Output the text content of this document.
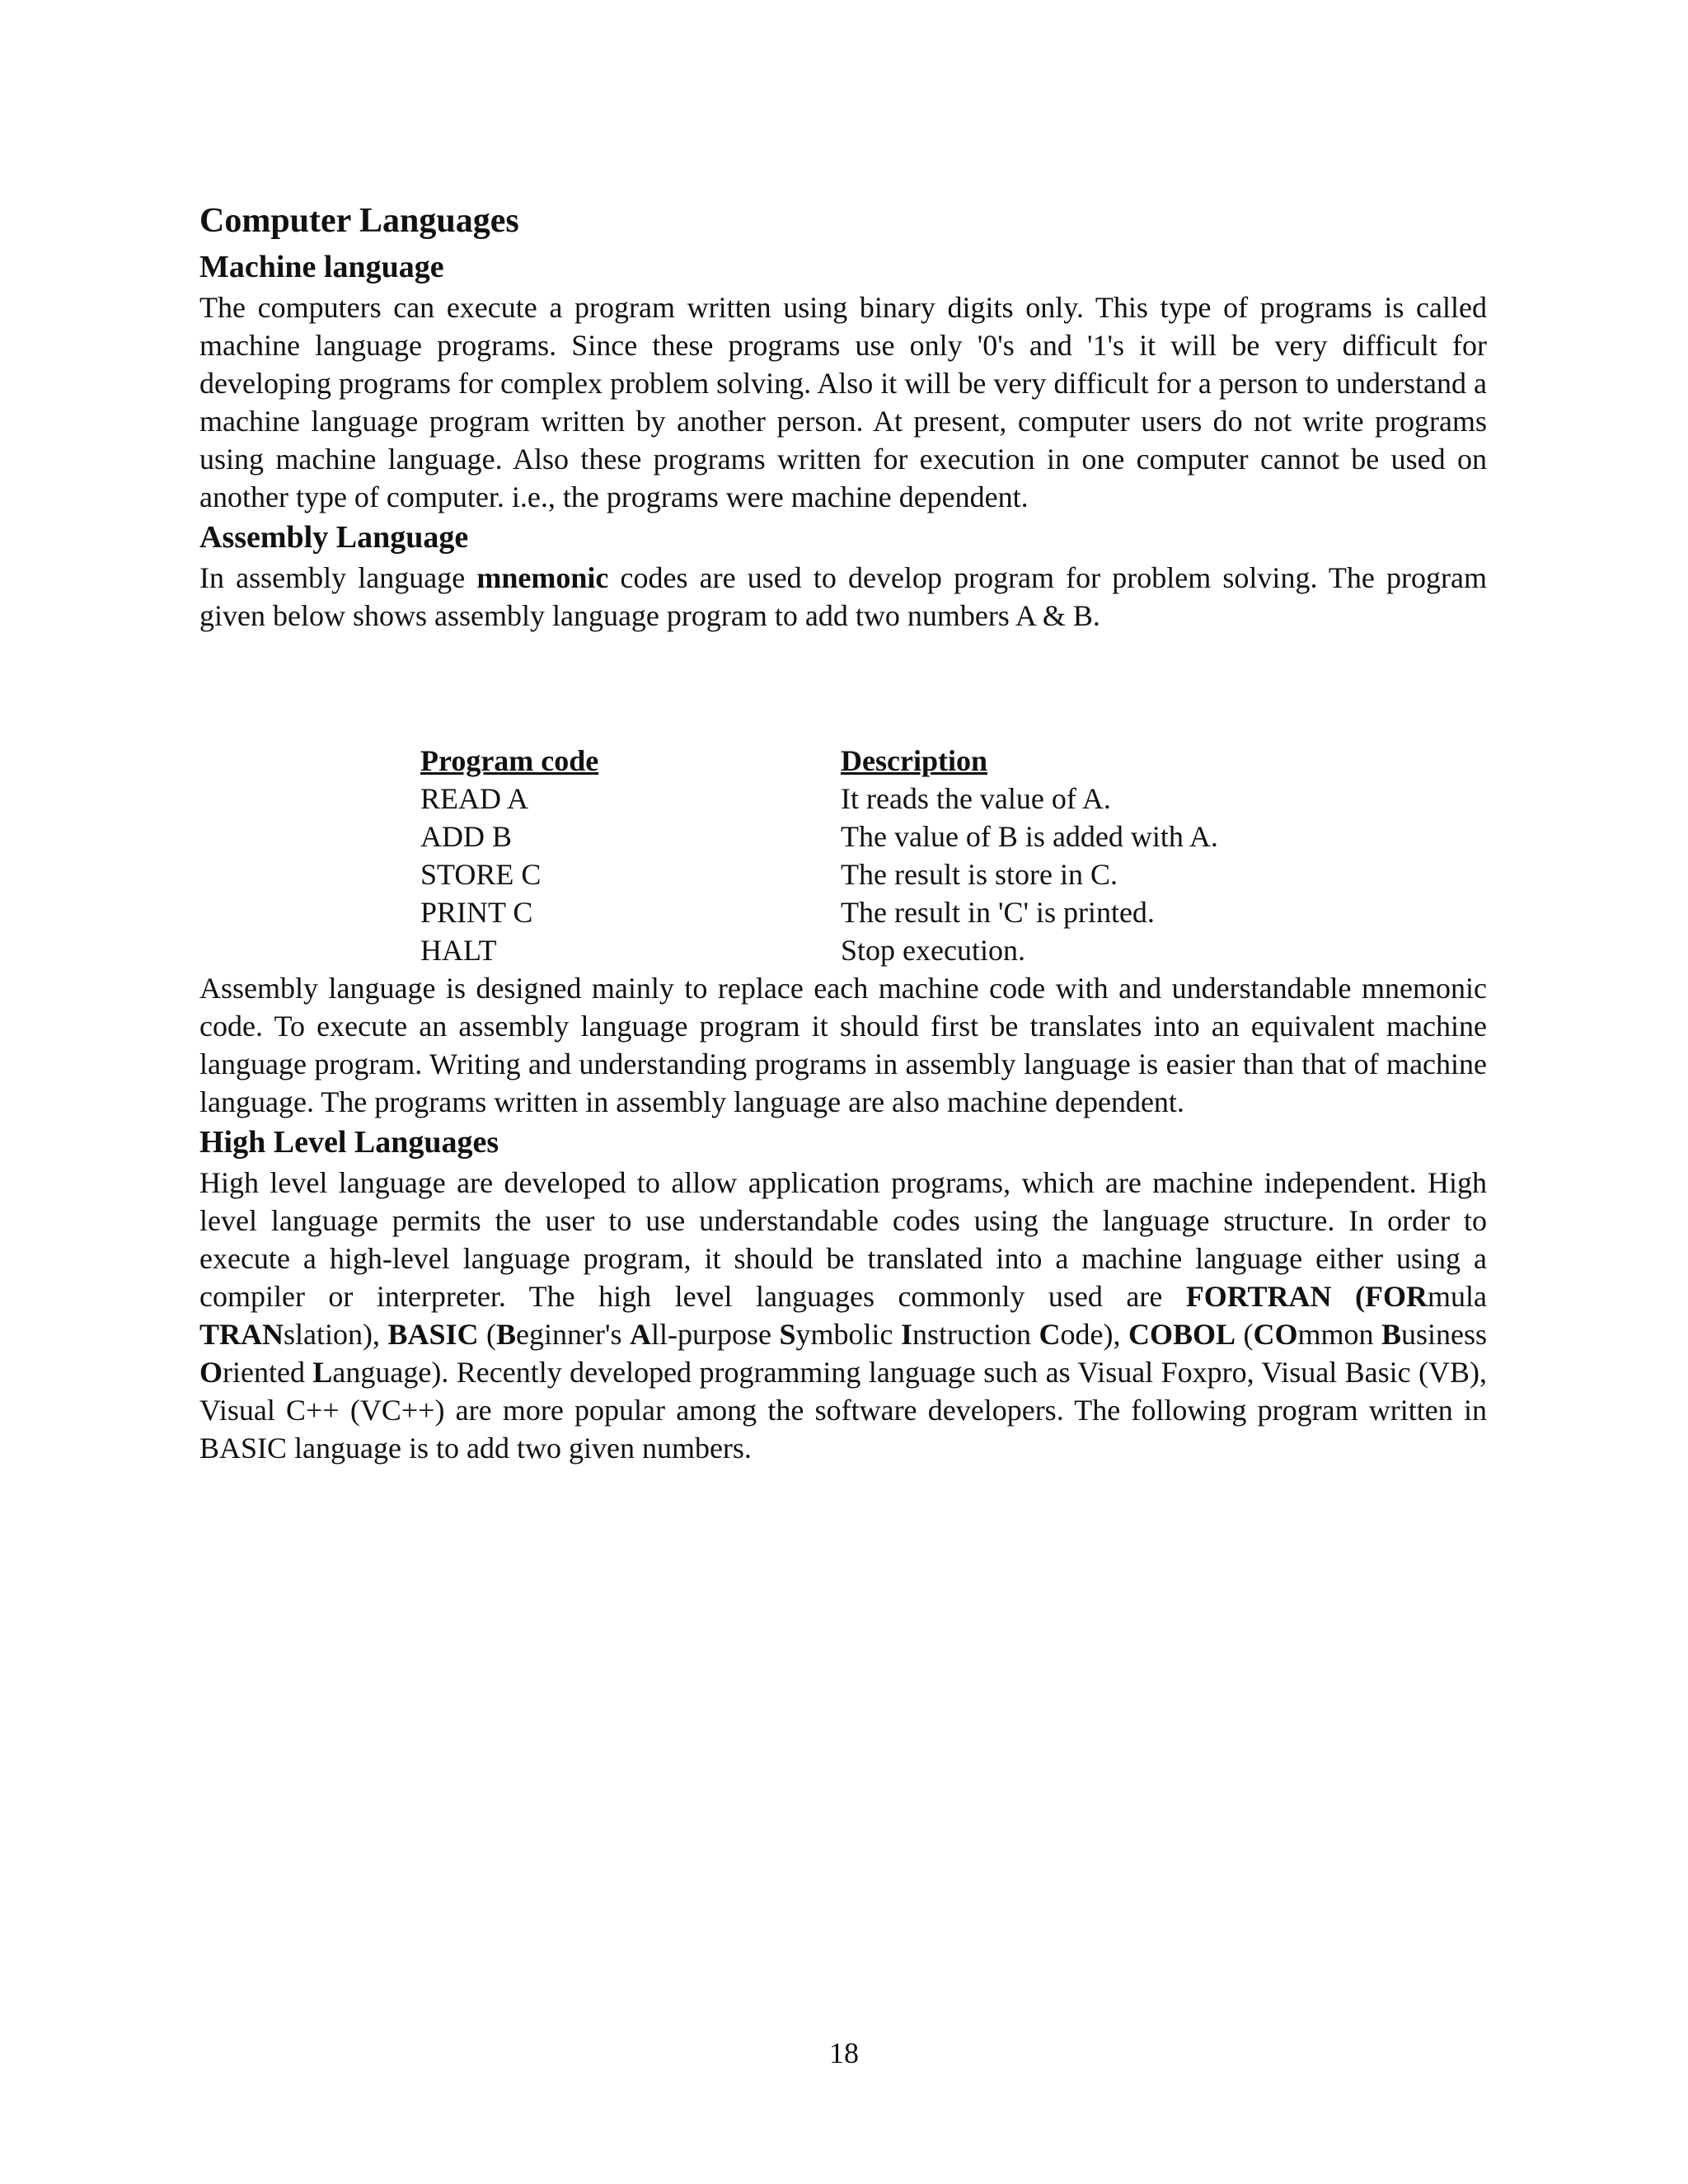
Computer Languages
Machine language

The computers can execute a program written using binary digits only. This type of programs is called machine language programs. Since these programs use only '0's and '1's it will be very difficult for developing programs for complex problem solving. Also it will be very difficult for a person to understand a machine language program written by another person. At present, computer users do not write programs using machine language. Also these programs written for execution in one computer cannot be used on another type of computer. i.e., the programs were machine dependent.

Assembly Language

In assembly language mnemonic codes are used to develop program for problem solving. The program given below shows assembly language program to add two numbers A & B.

Program code	Description
READ A	It reads the value of A.
ADD B	The value of B is added with A.
STORE C	The result is store in C.
PRINT C	The result in 'C' is printed.
HALT	Stop execution.

Assembly language is designed mainly to replace each machine code with and understandable mnemonic code. To execute an assembly language program it should first be translates into an equivalent machine language program. Writing and understanding programs in assembly language is easier than that of machine language. The programs written in assembly language are also machine dependent.

High Level Languages

High level language are developed to allow application programs, which are machine independent. High level language permits the user to use understandable codes using the language structure. In order to execute a high-level language program, it should be translated into a machine language either using a compiler or interpreter. The high level languages commonly used are FORTRAN (FORmula TRANslation), BASIC (Beginner's All-purpose Symbolic Instruction Code), COBOL (COmmon Business Oriented Language). Recently developed programming language such as Visual Foxpro, Visual Basic (VB), Visual C++ (VC++) are more popular among the software developers. The following program written in BASIC language is to add two given numbers.

18
